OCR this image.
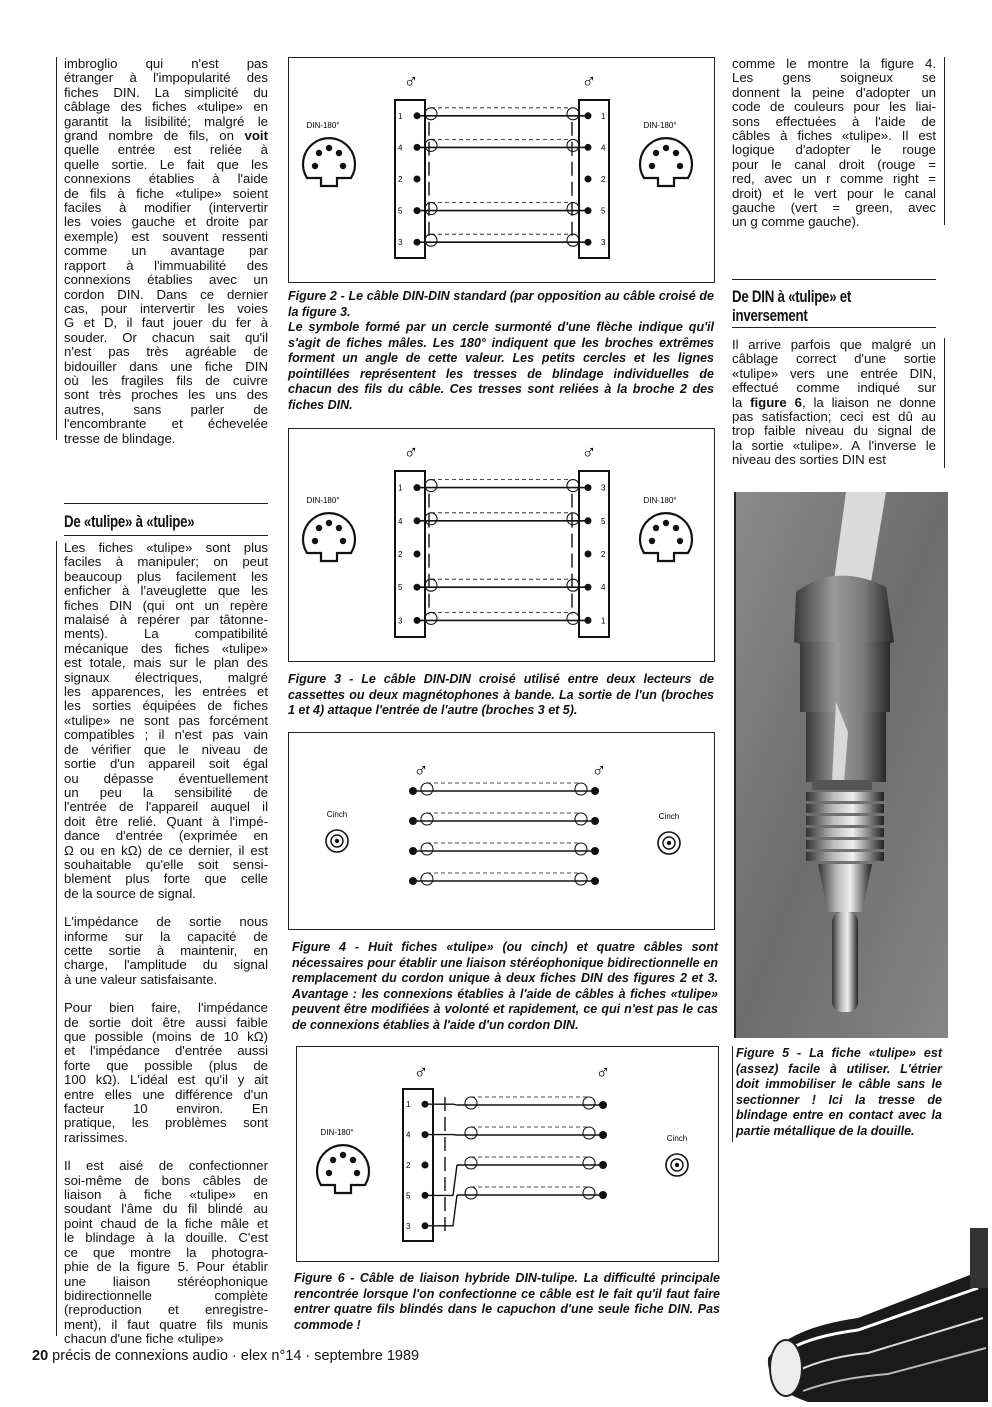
imbroglio qui n'est pas
étranger à l'impopularité des
fiches DIN. La simplicité du
câblage des fiches «tulipe» en
garantit la lisibilité; malgré le
grand nombre de fils, on voit
quelle entrée est reliée à
quelle sortie. Le fait que les
connexions établies à l'aide
de fils à fiche «tulipe» soient
faciles à modifier (intervertir
les voies gauche et droite par
exemple) est souvent ressenti
comme un avantage par
rapport à l'immuabilité des
connexions établies avec un
cordon DIN. Dans ce dernier
cas, pour intervertir les voies
G et D, il faut jouer du fer à
souder. Or chacun sait qu'il
n'est pas très agréable de
bidouiller dans une fiche DIN
où les fragiles fils de cuivre
sont très proches les uns des
autres, sans parler de
l'encombrante et échevelée
tresse de blindage.
De «tulipe» à «tulipe»
Les fiches «tulipe» sont plus
faciles à manipuler; on peut
beaucoup plus facilement les
enficher à l'aveuglette que les
fiches DIN (qui ont un repère
malaisé à repérer par tâtonne-
ments). La compatibilité
mécanique des fiches «tulipe»
est totale, mais sur le plan des
signaux électriques, malgré
les apparences, les entrées et
les sorties équipées de fiches
«tulipe» ne sont pas forcément
compatibles ; il n'est pas vain
de vérifier que le niveau de
sortie d'un appareil soit égal
ou dépasse éventuellement
un peu la sensibilité de
l'entrée de l'appareil auquel il
doit être relié. Quant à l'impé-
dance d'entrée (exprimée en
Ω ou en kΩ) de ce dernier, il est
souhaitable qu'elle soit sensi-
blement plus forte que celle
de la source de signal.
L'impédance de sortie nous
informe sur la capacité de
cette sortie à maintenir, en
charge, l'amplitude du signal
à une valeur satisfaisante.
Pour bien faire, l'impédance
de sortie doit être aussi faible
que possible (moins de 10 kΩ)
et l'impédance d'entrée aussi
forte que possible (plus de
100 kΩ). L'idéal est qu'il y ait
entre elles une différence d'un
facteur 10 environ. En
pratique, les problèmes sont
rarissimes.
Il est aisé de confectionner
soi-même de bons câbles de
liaison à fiche «tulipe» en
soudant l'âme du fil blindé au
point chaud de la fiche mâle et
le blindage à la douille. C'est
ce que montre la photogra-
phie de la figure 5. Pour établir
une liaison stéréophonique
bidirectionnelle complète
(reproduction et enregistre-
ment), il faut quatre fils munis
chacun d'une fiche «tulipe»
comme le montre la figure 4.
Les gens soigneux se
donnent la peine d'adopter un
code de couleurs pour les liai-
sons effectuées à l'aide de
câbles à fiches «tulipe». Il est
logique d'adopter le rouge
pour le canal droit (rouge =
red, avec un r comme right =
droit) et le vert pour le canal
gauche (vert = green, avec
un g comme gauche).
De DIN à «tulipe» et
inversement
Il arrive parfois que malgré un
câblage correct d'une sortie
«tulipe» vers une entrée DIN,
effectué comme indiqué sur
la figure 6, la liaison ne donne
pas satisfaction; ceci est dû au
trop faible niveau du signal de
la sortie «tulipe». A l'inverse le
niveau des sorties DIN est
Figure 5 - La fiche «tulipe» est (assez) facile à utiliser. L'étrier doit immobiliser le câble sans le sectionner ! Ici la tresse de blindage entre en contact avec la partie métallique de la douille.
DIN-180°	DIN-180°
♂	♂
1
4
2
5
3
1
4
2
5
3
Figure 2 - Le câble DIN-DIN standard (par opposition au câble croisé de la figure 3.
Le symbole formé par un cercle surmonté d'une flèche indique qu'il s'agit de fiches mâles. Les 180° indiquent que les broches extrêmes forment un angle de cette valeur. Les petits cercles et les lignes pointillées représentent les tresses de blindage individuelles de chacun des fils du câble. Ces tresses sont reliées à la broche 2 des fiches DIN.
DIN-180°	DIN-180°
♂	♂
1
4
2
5
3
3
5
2
4
1
Figure 3 - Le câble DIN-DIN croisé utilisé entre deux lecteurs de cassettes ou deux magnétophones à bande. La sortie de l'un (broches 1 et 4) attaque l'entrée de l'autre (broches 3 et 5).
Cinch	Cinch
♂	♂
Figure 4 - Huit fiches «tulipe» (ou cinch) et quatre câbles sont nécessaires pour établir une liaison stéréophonique bidirectionnelle en remplacement du cordon unique à deux fiches DIN des figures 2 et 3. Avantage : les connexions établies à l'aide de câbles à fiches «tulipe» peuvent être modifiées à volonté et rapidement, ce qui n'est pas le cas de connexions établies à l'aide d'un cordon DIN.
DIN-180°
Cinch
♂	♂
1
4
2
5
3
Figure 6 - Câble de liaison hybride DIN-tulipe. La difficulté principale rencontrée lorsque l'on confectionne ce câble est le fait qu'il faut faire entrer quatre fils blindés dans le capuchon d'une seule fiche DIN. Pas commode !
20 précis de connexions audio · elex n°14 · septembre 1989
